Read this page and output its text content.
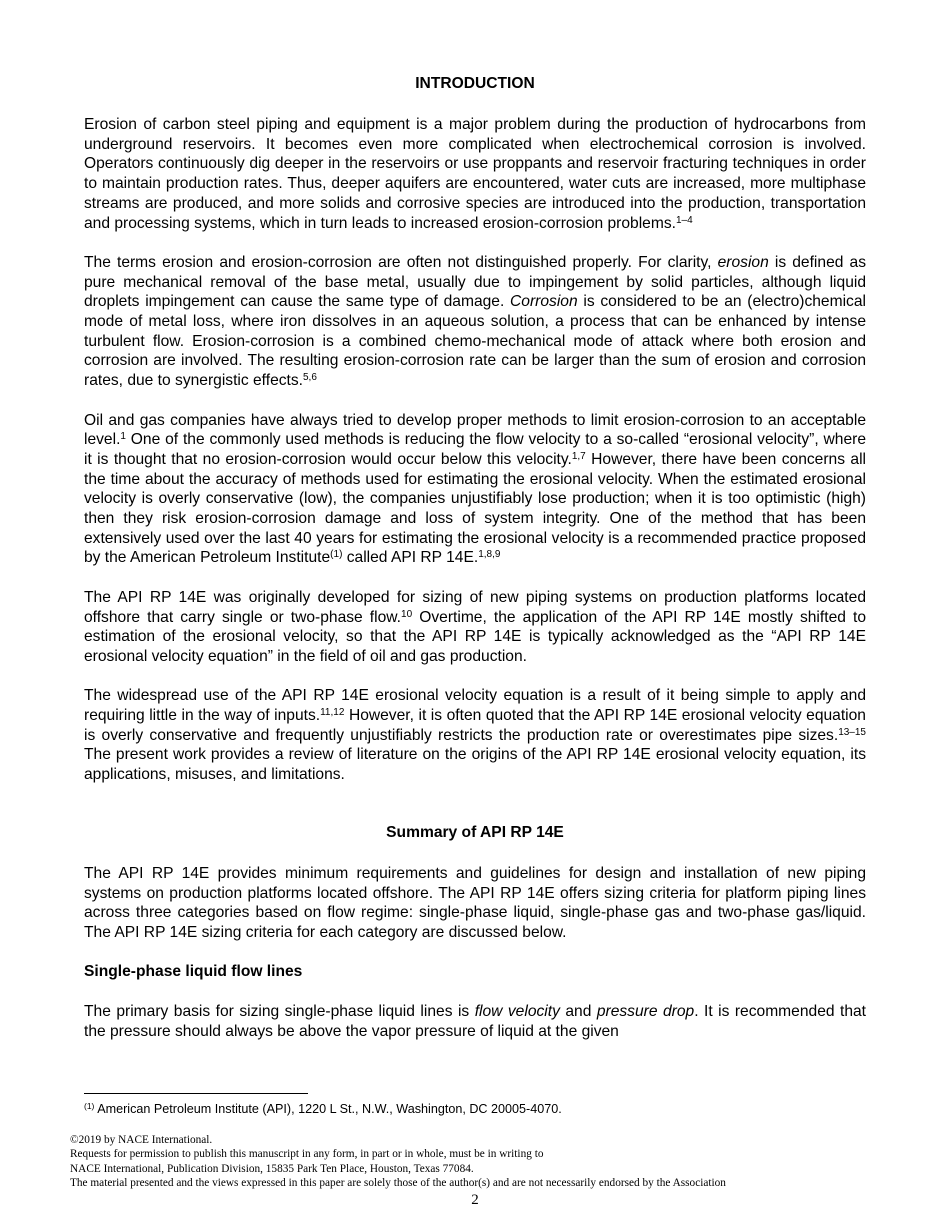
INTRODUCTION

Erosion of carbon steel piping and equipment is a major problem during the production of hydrocarbons from underground reservoirs. It becomes even more complicated when electrochemical corrosion is involved. Operators continuously dig deeper in the reservoirs or use proppants and reservoir fracturing techniques in order to maintain production rates. Thus, deeper aquifers are encountered, water cuts are increased, more multiphase streams are produced, and more solids and corrosive species are introduced into the production, transportation and processing systems, which in turn leads to increased erosion-corrosion problems.$^{1-4}$

The terms erosion and erosion-corrosion are often not distinguished properly. For clarity, erosion is defined as pure mechanical removal of the base metal, usually due to impingement by solid particles, although liquid droplets impingement can cause the same type of damage. Corrosion is considered to be an (electro)chemical mode of metal loss, where iron dissolves in an aqueous solution, a process that can be enhanced by intense turbulent flow. Erosion-corrosion is a combined chemo-mechanical mode of attack where both erosion and corrosion are involved. The resulting erosion-corrosion rate can be larger than the sum of erosion and corrosion rates, due to synergistic effects.$^{5,6}$

Oil and gas companies have always tried to develop proper methods to limit erosion-corrosion to an acceptable level.$^1$ One of the commonly used methods is reducing the flow velocity to a so-called “erosional velocity”, where it is thought that no erosion-corrosion would occur below this velocity.$^{1,7}$ However, there have been concerns all the time about the accuracy of methods used for estimating the erosional velocity. When the estimated erosional velocity is overly conservative (low), the companies unjustifiably lose production; when it is too optimistic (high) then they risk erosion-corrosion damage and loss of system integrity. One of the method that has been extensively used over the last 40 years for estimating the erosional velocity is a recommended practice proposed by the American Petroleum Institute$^{(1)}$ called API RP 14E.$^{1,8,9}$

The API RP 14E was originally developed for sizing of new piping systems on production platforms located offshore that carry single or two-phase flow.$^{10}$ Overtime, the application of the API RP 14E mostly shifted to estimation of the erosional velocity, so that the API RP 14E is typically acknowledged as the “API RP 14E erosional velocity equation” in the field of oil and gas production.

The widespread use of the API RP 14E erosional velocity equation is a result of it being simple to apply and requiring little in the way of inputs.$^{11,12}$ However, it is often quoted that the API RP 14E erosional velocity equation is overly conservative and frequently unjustifiably restricts the production rate or overestimates pipe sizes.$^{13-15}$ The present work provides a review of literature on the origins of the API RP 14E erosional velocity equation, its applications, misuses, and limitations.

Summary of API RP 14E

The API RP 14E provides minimum requirements and guidelines for design and installation of new piping systems on production platforms located offshore. The API RP 14E offers sizing criteria for platform piping lines across three categories based on flow regime: single-phase liquid, single-phase gas and two-phase gas/liquid. The API RP 14E sizing criteria for each category are discussed below.

Single-phase liquid flow lines

The primary basis for sizing single-phase liquid lines is flow velocity and pressure drop. It is recommended that the pressure should always be above the vapor pressure of liquid at the given

$^{(1)}$ American Petroleum Institute (API), 1220 L St., N.W., Washington, DC 20005-4070.
©2019 by NACE International.
Requests for permission to publish this manuscript in any form, in part or in whole, must be in writing to
NACE International, Publication Division, 15835 Park Ten Place, Houston, Texas 77084.
The material presented and the views expressed in this paper are solely those of the author(s) and are not necessarily endorsed by the Association
2
